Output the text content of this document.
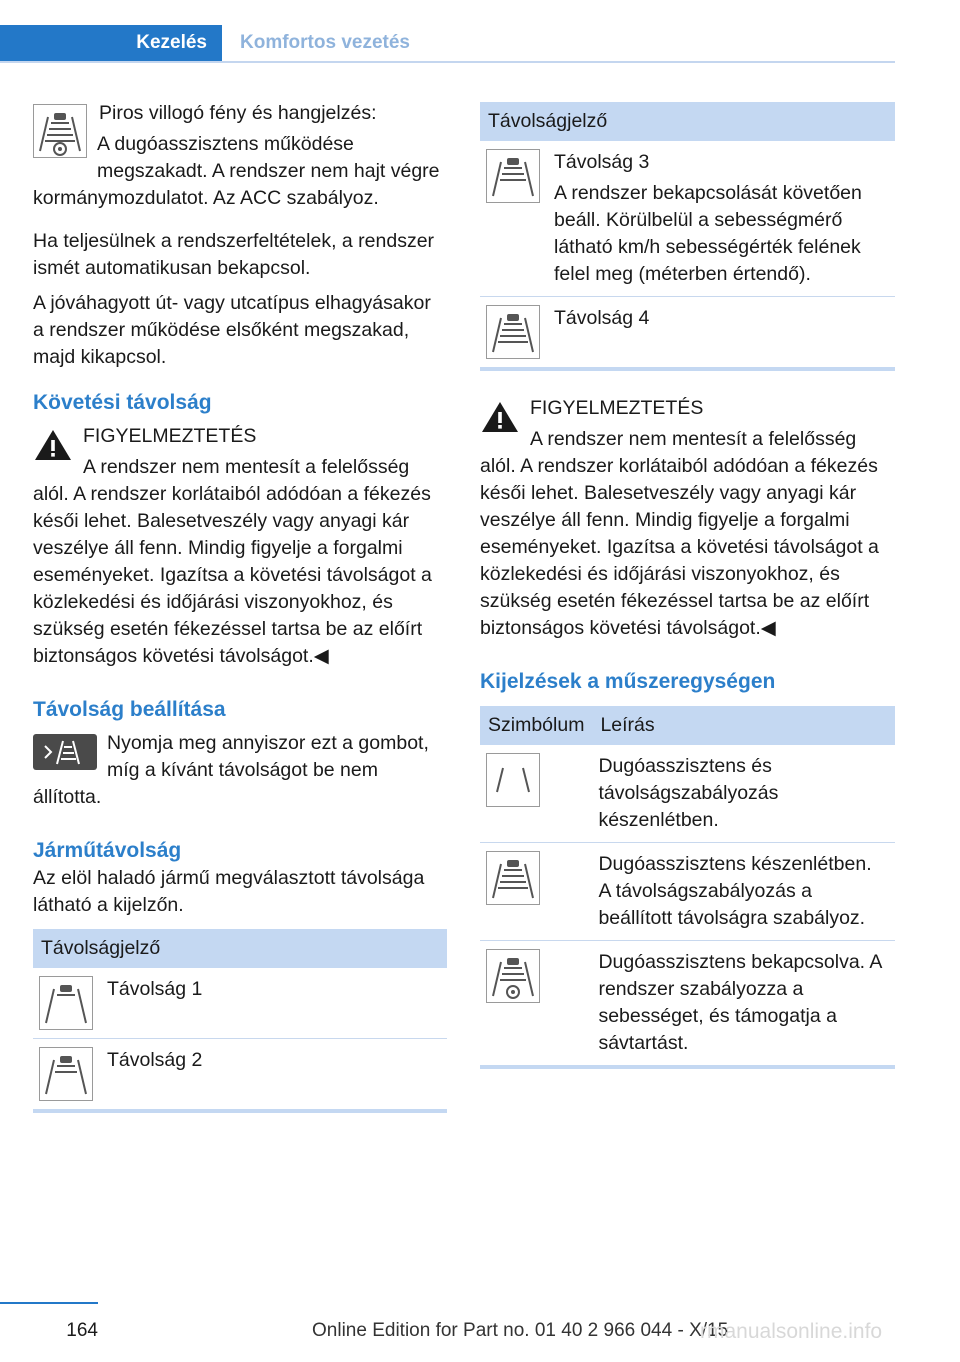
Kezelés	Komfortos vezetés

Piros villogó fény és hangjelzés:

A dugóasszisztens működése megszakadt. A rendszer nem hajt végre kormánymozdulatot. Az ACC szabályoz.

Ha teljesülnek a rendszerfeltételek, a rendszer ismét automatikusan bekapcsol.

A jóváhagyott út- vagy utcatípus elhagyásakor a rendszer működése elsőként megszakad, majd kikapcsol.

Követési távolság

FIGYELMEZTETÉS

A rendszer nem mentesít a felelősség alól. A rendszer korlátaiból adódóan a fékezés késői lehet. Balesetveszély vagy anyagi kár veszélye áll fenn. Mindig figyelje a forgalmi eseményeket. Igazítsa a követési távolságot a közlekedési és időjárási viszonyokhoz, és szükség esetén fékezéssel tartsa be az előírt biztonságos követési távolságot.◀

Távolság beállítása

Nyomja meg annyiszor ezt a gombot, míg a kívánt távolságot be nem állította.

Járműtávolság

Az elöl haladó jármű megválasztott távolsága látható a kijelzőn.

Távolságjelző	

	Távolság 1

	Távolság 2
Távolságjelző	

Távolság 3

A rendszer bekapcsolását követően beáll. Körülbelül a sebességmérő látható km/h sebességérték felének felel meg (méterben értendő).

	Távolság 4

FIGYELMEZTETÉS

A rendszer nem mentesít a felelősség alól. A rendszer korlátaiból adódóan a fékezés késői lehet. Balesetveszély vagy anyagi kár veszélye áll fenn. Mindig figyelje a forgalmi eseményeket. Igazítsa a követési távolságot a közlekedési és időjárási viszonyokhoz, és szükség esetén fékezéssel tartsa be az előírt biztonságos követési távolságot.◀

Kijelzések a műszeregységen
Szimbólum	Leírás

	Dugóasszisztens és távolságszabályozás készenlétben.

	Dugóasszisztens készenlétben. A távolságszabályozás a beállított távolságra szabályoz.

	Dugóasszisztens bekapcsolva. A rendszer szabályozza a sebességet, és támogatja a sávtartást.
164	Online Edition for Part no. 01 40 2 966 044 - X/15
rmanualsonline.info
